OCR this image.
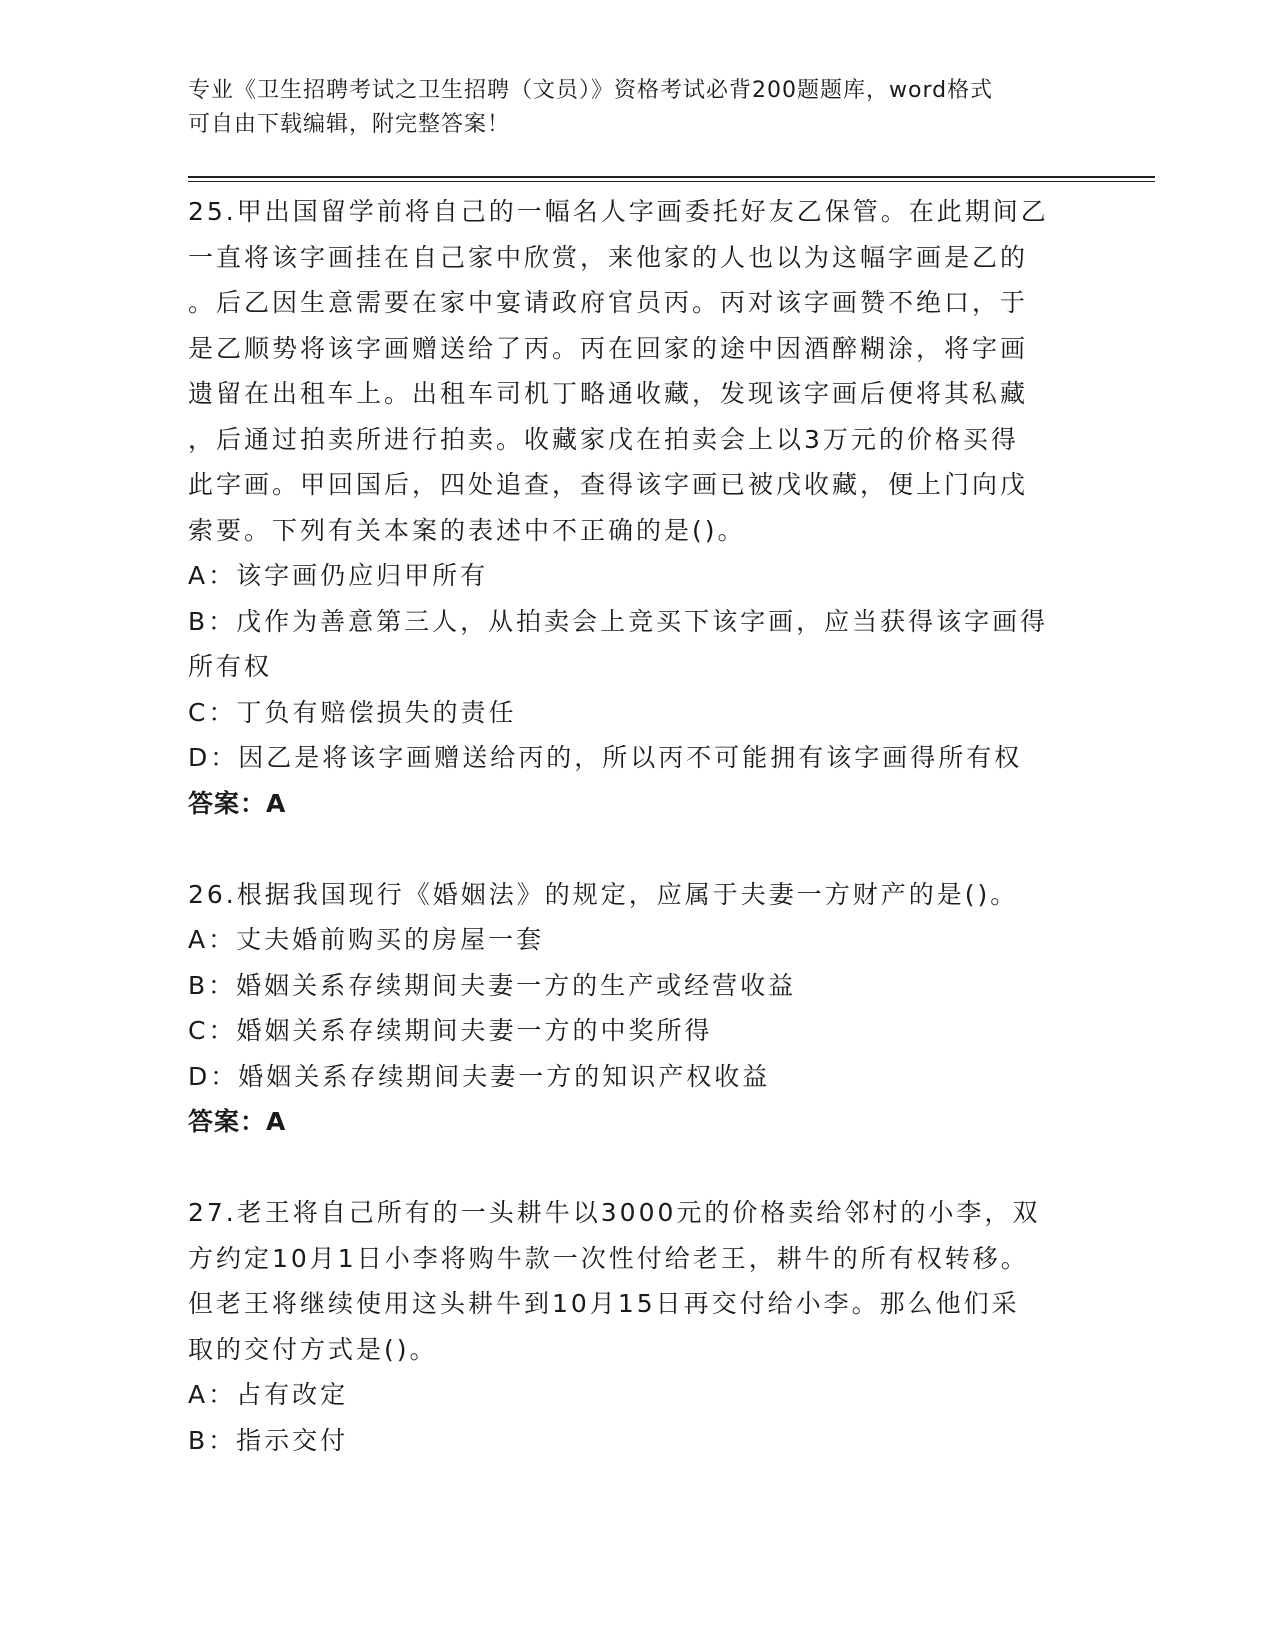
专业《卫生招聘考试之卫生招聘（文员）》资格考试必背200题题库，word格式
可自由下载编辑，附完整答案！
25.甲出国留学前将自己的一幅名人字画委托好友乙保管。在此期间乙
一直将该字画挂在自己家中欣赏，来他家的人也以为这幅字画是乙的
。后乙因生意需要在家中宴请政府官员丙。丙对该字画赞不绝口，于
是乙顺势将该字画赠送给了丙。丙在回家的途中因酒醉糊涂，将字画
遗留在出租车上。出租车司机丁略通收藏，发现该字画后便将其私藏
，后通过拍卖所进行拍卖。收藏家戊在拍卖会上以3万元的价格买得
此字画。甲回国后，四处追查，查得该字画已被戊收藏，便上门向戊
索要。下列有关本案的表述中不正确的是()。
A：该字画仍应归甲所有
B：戊作为善意第三人，从拍卖会上竞买下该字画，应当获得该字画得
所有权
C：丁负有赔偿损失的责任
D：因乙是将该字画赠送给丙的，所以丙不可能拥有该字画得所有权
答案：A
26.根据我国现行《婚姻法》的规定，应属于夫妻一方财产的是()。
A：丈夫婚前购买的房屋一套
B：婚姻关系存续期间夫妻一方的生产或经营收益
C：婚姻关系存续期间夫妻一方的中奖所得
D：婚姻关系存续期间夫妻一方的知识产权收益
答案：A
27.老王将自己所有的一头耕牛以3000元的价格卖给邻村的小李，双
方约定10月1日小李将购牛款一次性付给老王，耕牛的所有权转移。
但老王将继续使用这头耕牛到10月15日再交付给小李。那么他们采
取的交付方式是()。
A：占有改定
B：指示交付
